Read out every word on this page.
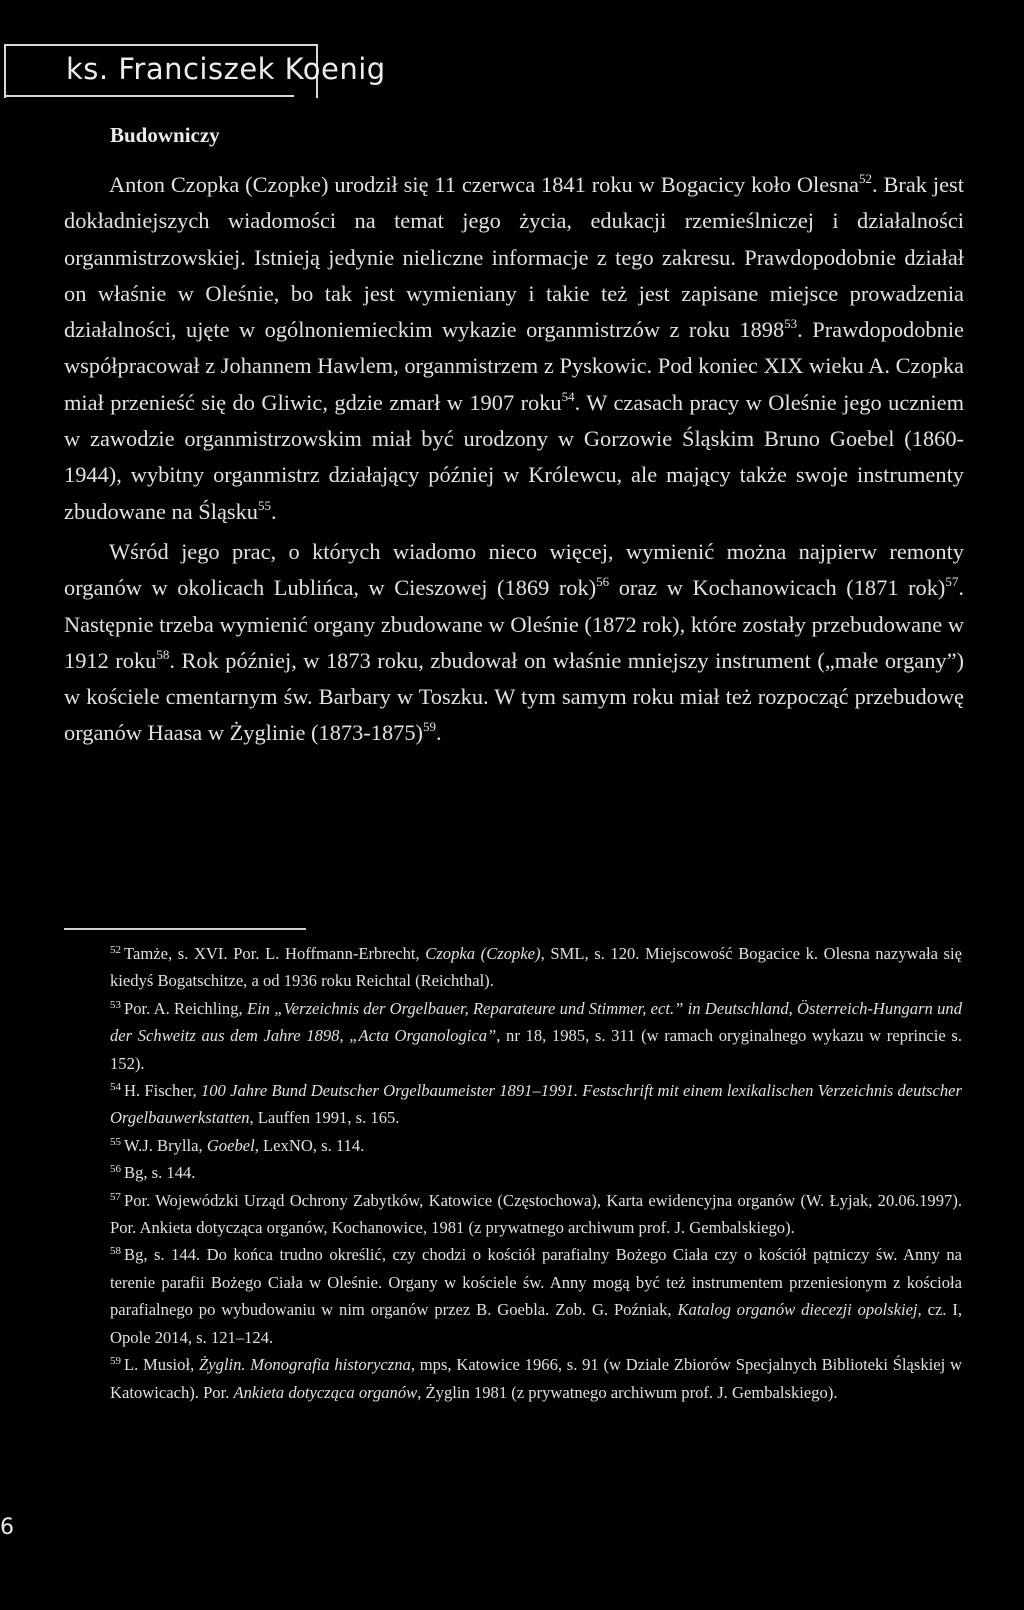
ks. Franciszek Koenig
Budowniczy

Anton Czopka (Czopke) urodził się 11 czerwca 1841 roku w Bogacicy koło Olesna$^{52}$. Brak jest dokładniejszych wiadomości na temat jego życia, edukacji rzemieślniczej i działalności organmistrzowskiej. Istnieją jedynie nieliczne informacje z tego zakresu. Prawdopodobnie działał on właśnie w Oleśnie, bo tak jest wymieniany i takie też jest zapisane miejsce prowadzenia działalności, ujęte w ogólnoniemieckim wykazie organmistrzów z roku 1898$^{53}$. Prawdopodobnie współpracował z Johannem Hawlem, organmistrzem z Pyskowic. Pod koniec XIX wieku A. Czopka miał przenieść się do Gliwic, gdzie zmarł w 1907 roku$^{54}$. W czasach pracy w Oleśnie jego uczniem w zawodzie organmistrzowskim miał być urodzony w Gorzowie Śląskim Bruno Goebel (1860-1944), wybitny organmistrz działający później w Królewcu, ale mający także swoje instrumenty zbudowane na Śląsku$^{55}$.

Wśród jego prac, o których wiadomo nieco więcej, wymienić można najpierw remonty organów w okolicach Lublińca, w Cieszowej (1869 rok)$^{56}$ oraz w Kochanowicach (1871 rok)$^{57}$. Następnie trzeba wymienić organy zbudowane w Oleśnie (1872 rok), które zostały przebudowane w 1912 roku$^{58}$. Rok później, w 1873 roku, zbudował on właśnie mniejszy instrument („małe organy”) w kościele cmentarnym św. Barbary w Toszku. W tym samym roku miał też rozpocząć przebudowę organów Haasa w Żyglinie (1873-1875)$^{59}$.

$^{52}$ Tamże, s. XVI. Por. L. Hoffmann-Erbrecht, Czopka (Czopke), SML, s. 120. Miejscowość Bogacice k. Olesna nazywała się kiedyś Bogatschitze, a od 1936 roku Reichtal (Reichthal).

$^{53}$ Por. A. Reichling, Ein „Verzeichnis der Orgelbauer, Reparateure und Stimmer, ect.” in Deutschland, Österreich-Hungarn und der Schweitz aus dem Jahre 1898, „Acta Organologica”, nr 18, 1985, s. 311 (w ramach oryginalnego wykazu w reprincie s. 152).

$^{54}$ H. Fischer, 100 Jahre Bund Deutscher Orgelbaumeister 1891–1991. Festschrift mit einem lexikalischen Verzeichnis deutscher Orgelbauwerkstatten, Lauffen 1991, s. 165.

$^{55}$ W.J. Brylla, Goebel, LexNO, s. 114.

$^{56}$ Bg, s. 144.

$^{57}$ Por. Wojewódzki Urząd Ochrony Zabytków, Katowice (Częstochowa), Karta ewidencyjna organów (W. Łyjak, 20.06.1997). Por. Ankieta dotycząca organów, Kochanowice, 1981 (z prywatnego archiwum prof. J. Gembalskiego).

$^{58}$ Bg, s. 144. Do końca trudno określić, czy chodzi o kościół parafialny Bożego Ciała czy o kościół pątniczy św. Anny na terenie parafii Bożego Ciała w Oleśnie. Organy w kościele św. Anny mogą być też instrumentem przeniesionym z kościoła parafialnego po wybudowaniu w nim organów przez B. Goebla. Zob. G. Poźniak, Katalog organów diecezji opolskiej, cz. I, Opole 2014, s. 121–124.

$^{59}$ L. Musioł, Żyglin. Monografia historyczna, mps, Katowice 1966, s. 91 (w Dziale Zbiorów Specjalnych Biblioteki Śląskiej w Katowicach). Por. Ankieta dotycząca organów, Żyglin 1981 (z prywatnego archiwum prof. J. Gembalskiego).

6
